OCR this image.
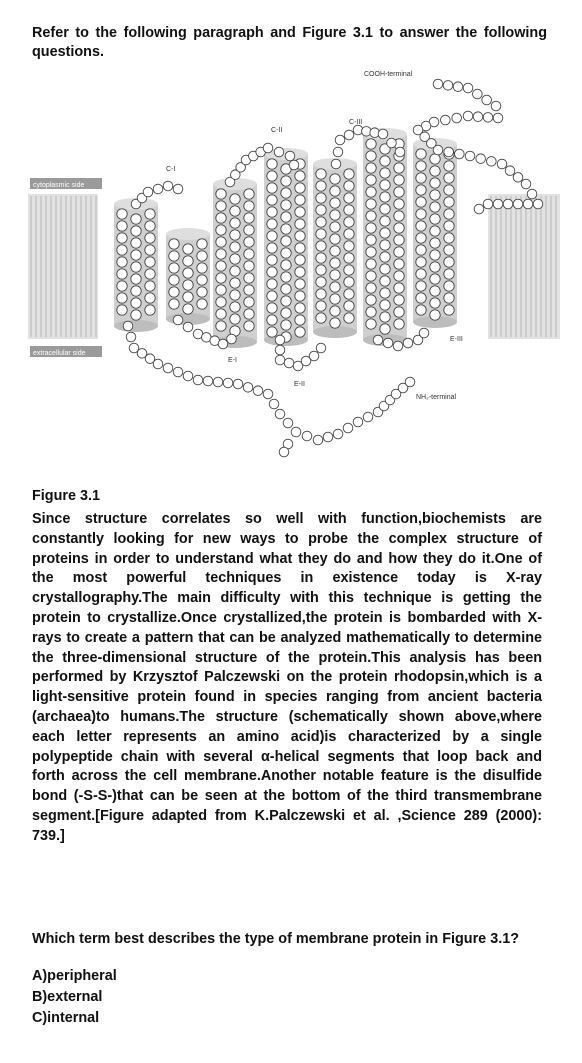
Refer to the following paragraph and Figure 3.1 to answer the following questions.
cytoplasmic side
extracellular side
COOH-terminal
NH₂-terminal
C-I
C-II
C-III
E-I
E-II
E-III
Figure 3.1
Since structure correlates so well with function,biochemists are constantly looking for new ways to probe the complex structure of proteins in order to understand what they do and how they do it.One of the most powerful techniques in existence today is X-ray crystallography.The main difficulty with this technique is getting the protein to crystallize.Once crystallized,the protein is bombarded with X-rays to create a pattern that can be analyzed mathematically to determine the three-dimensional structure of the protein.This analysis has been performed by Krzysztof Palczewski on the protein rhodopsin,which is a light-sensitive protein found in species ranging from ancient bacteria (archaea)to humans.The structure (schematically shown above,where each letter represents an amino acid)is characterized by a single polypeptide chain with several α-helical segments that loop back and forth across the cell membrane.Another notable feature is the disulfide bond (-S-S-)that can be seen at the bottom of the third transmembrane segment.[Figure adapted from K.Palczewski et al. ,Science 289 (2000): 739.]
Which term best describes the type of membrane protein in Figure 3.1?
A)peripheral
B)external
C)internal
